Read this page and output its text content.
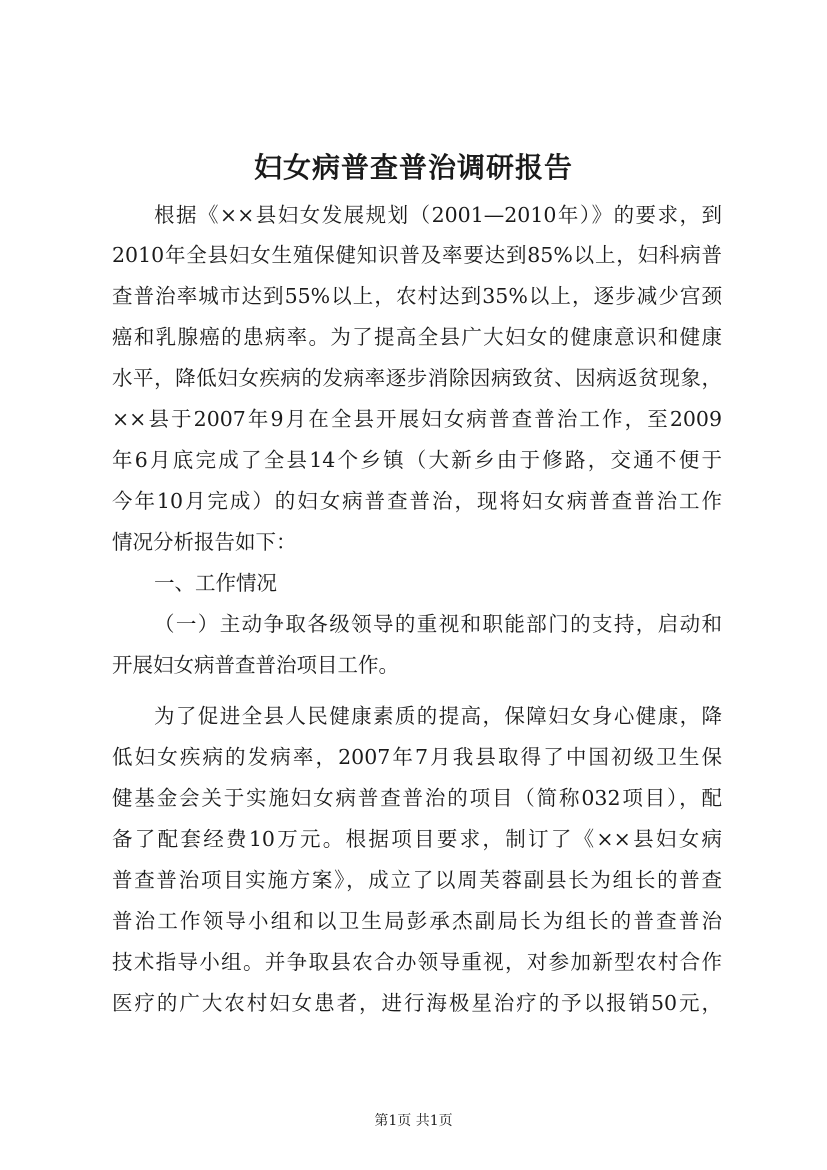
妇女病普查普治调研报告
根据《××县妇女发展规划（2001—2010年）》的要求，到
2010年全县妇女生殖保健知识普及率要达到85%以上，妇科病普
查普治率城市达到55%以上，农村达到35%以上，逐步减少宫颈
癌和乳腺癌的患病率。为了提高全县广大妇女的健康意识和健康
水平，降低妇女疾病的发病率逐步消除因病致贫、因病返贫现象，
××县于2007年9月在全县开展妇女病普查普治工作，至2009
年6月底完成了全县14个乡镇（大新乡由于修路，交通不便于
今年10月完成）的妇女病普查普治，现将妇女病普查普治工作
情况分析报告如下：
一、工作情况
（一）主动争取各级领导的重视和职能部门的支持，启动和
开展妇女病普查普治项目工作。
为了促进全县人民健康素质的提高，保障妇女身心健康，降
低妇女疾病的发病率，2007年7月我县取得了中国初级卫生保
健基金会关于实施妇女病普查普治的项目（简称032项目），配
备了配套经费10万元。根据项目要求，制订了《××县妇女病
普查普治项目实施方案》，成立了以周芙蓉副县长为组长的普查
普治工作领导小组和以卫生局彭承杰副局长为组长的普查普治
技术指导小组。并争取县农合办领导重视，对参加新型农村合作
医疗的广大农村妇女患者，进行海极星治疗的予以报销50元，
第1页 共1页
